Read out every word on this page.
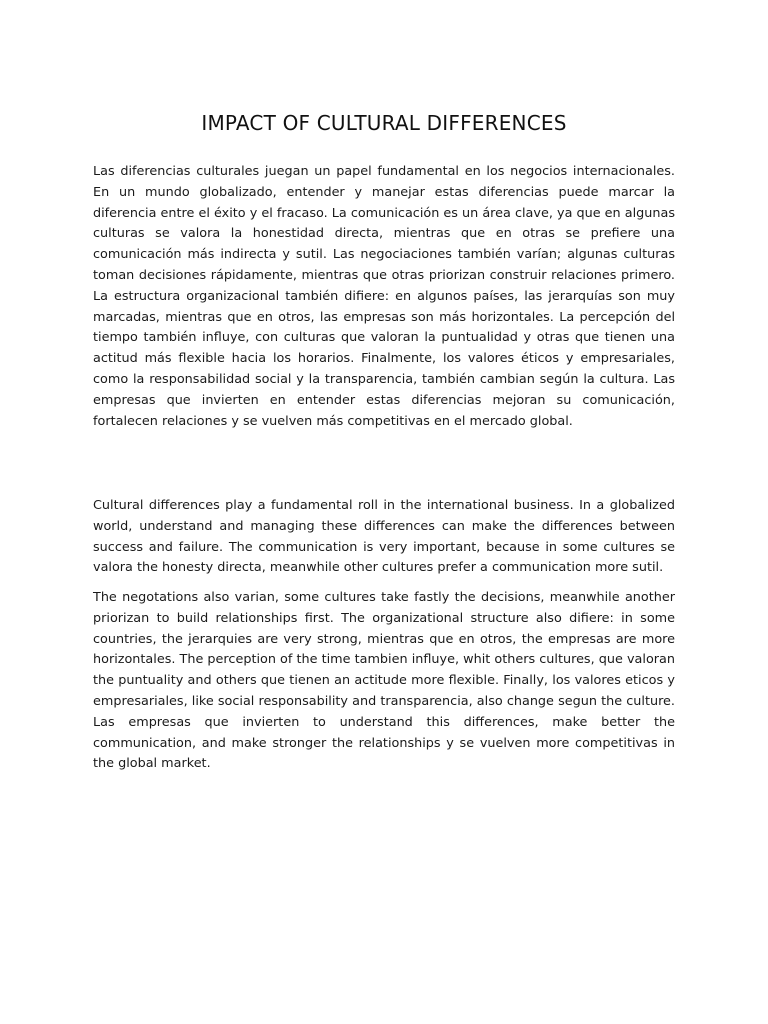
IMPACT OF CULTURAL DIFFERENCES

Las diferencias culturales juegan un papel fundamental en los negocios internacionales. En un mundo globalizado, entender y manejar estas diferencias puede marcar la diferencia entre el éxito y el fracaso. La comunicación es un área clave, ya que en algunas culturas se valora la honestidad directa, mientras que en otras se prefiere una comunicación más indirecta y sutil. Las negociaciones también varían; algunas culturas toman decisiones rápidamente, mientras que otras priorizan construir relaciones primero. La estructura organizacional también difiere: en algunos países, las jerarquías son muy marcadas, mientras que en otros, las empresas son más horizontales. La percepción del tiempo también influye, con culturas que valoran la puntualidad y otras que tienen una actitud más flexible hacia los horarios. Finalmente, los valores éticos y empresariales, como la responsabilidad social y la transparencia, también cambian según la cultura. Las empresas que invierten en entender estas diferencias mejoran su comunicación, fortalecen relaciones y se vuelven más competitivas en el mercado global.

Cultural differences play a fundamental roll in the international business. In a globalized world, understand and managing these differences can make the differences between success and failure. The communication is very important, because in some cultures se valora the honesty directa, meanwhile other cultures prefer a communication more sutil.

The negotations also varian, some cultures take fastly the decisions, meanwhile another priorizan to build relationships first. The organizational structure also difiere: in some countries, the jerarquies are very strong, mientras que en otros, the empresas are more horizontales. The perception of the time tambien influye, whit others cultures, que valoran the puntuality and others que tienen an actitude more flexible. Finally, los valores eticos y empresariales, like social responsability and transparencia, also change segun the culture. Las empresas que invierten to understand this differences, make better the communication, and make stronger the relationships y se vuelven more competitivas in the global market.
